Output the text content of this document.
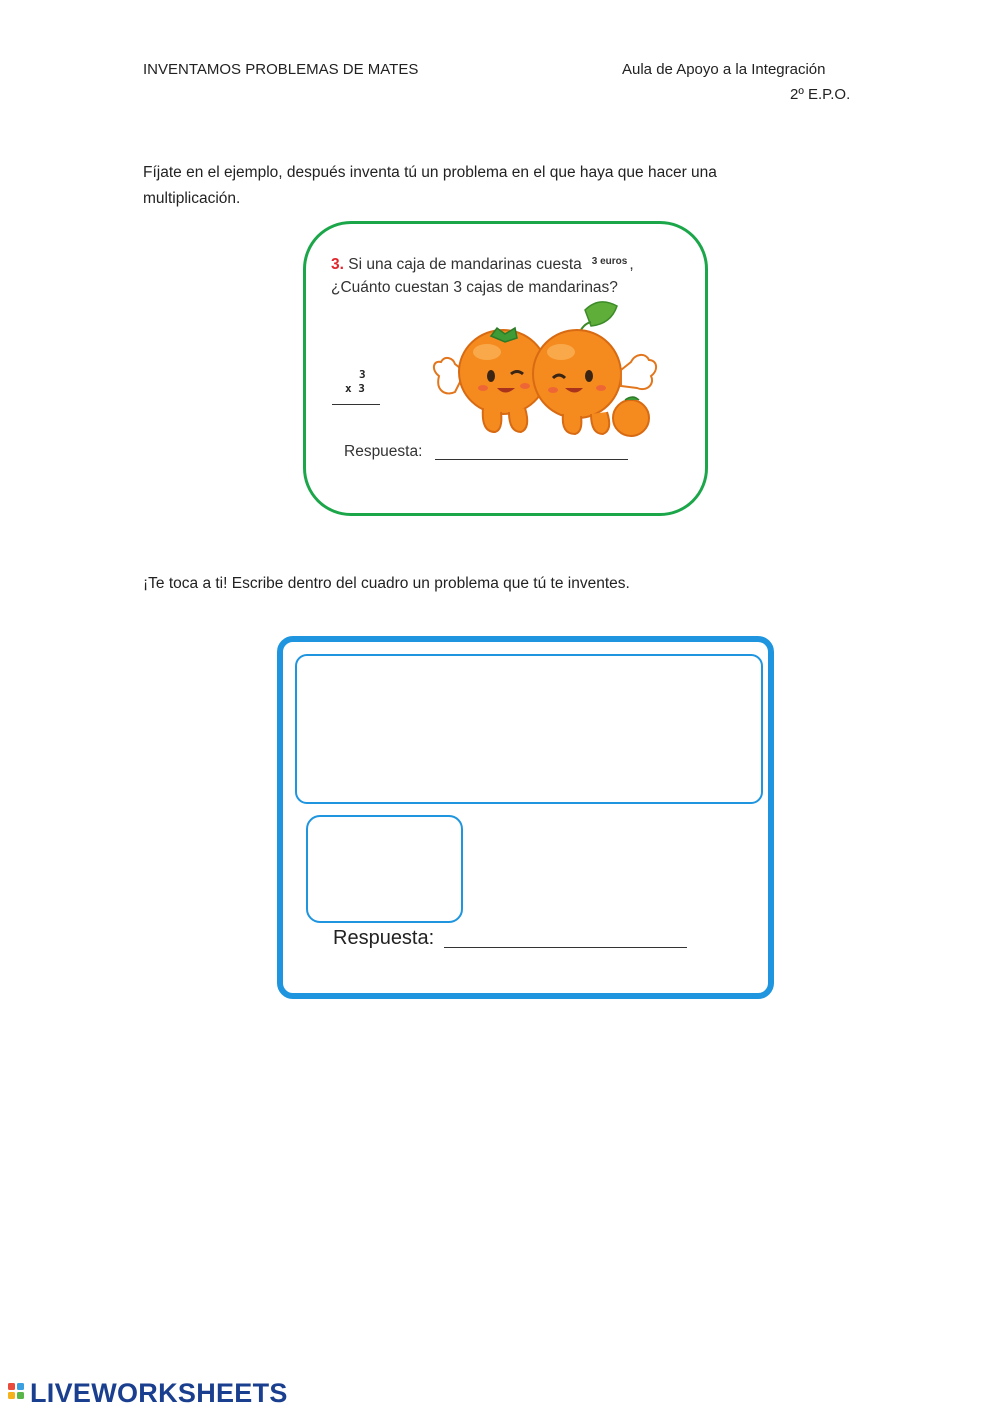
INVENTAMOS PROBLEMAS DE MATES	Aula de Apoyo a la Integración
2º E.P.O.
Fíjate en el ejemplo, después inventa tú un problema en el que haya que hacer una
multiplicación.
3. Si una caja de mandarinas cuesta $^{3 euros}$ ,
¿Cuánto cuestan 3 cajas de mandarinas?
3
x 3
Respuesta:
¡Te toca a ti! Escribe dentro del cuadro un problema que tú te inventes.
Respuesta:
LIVEWORKSHEETS
